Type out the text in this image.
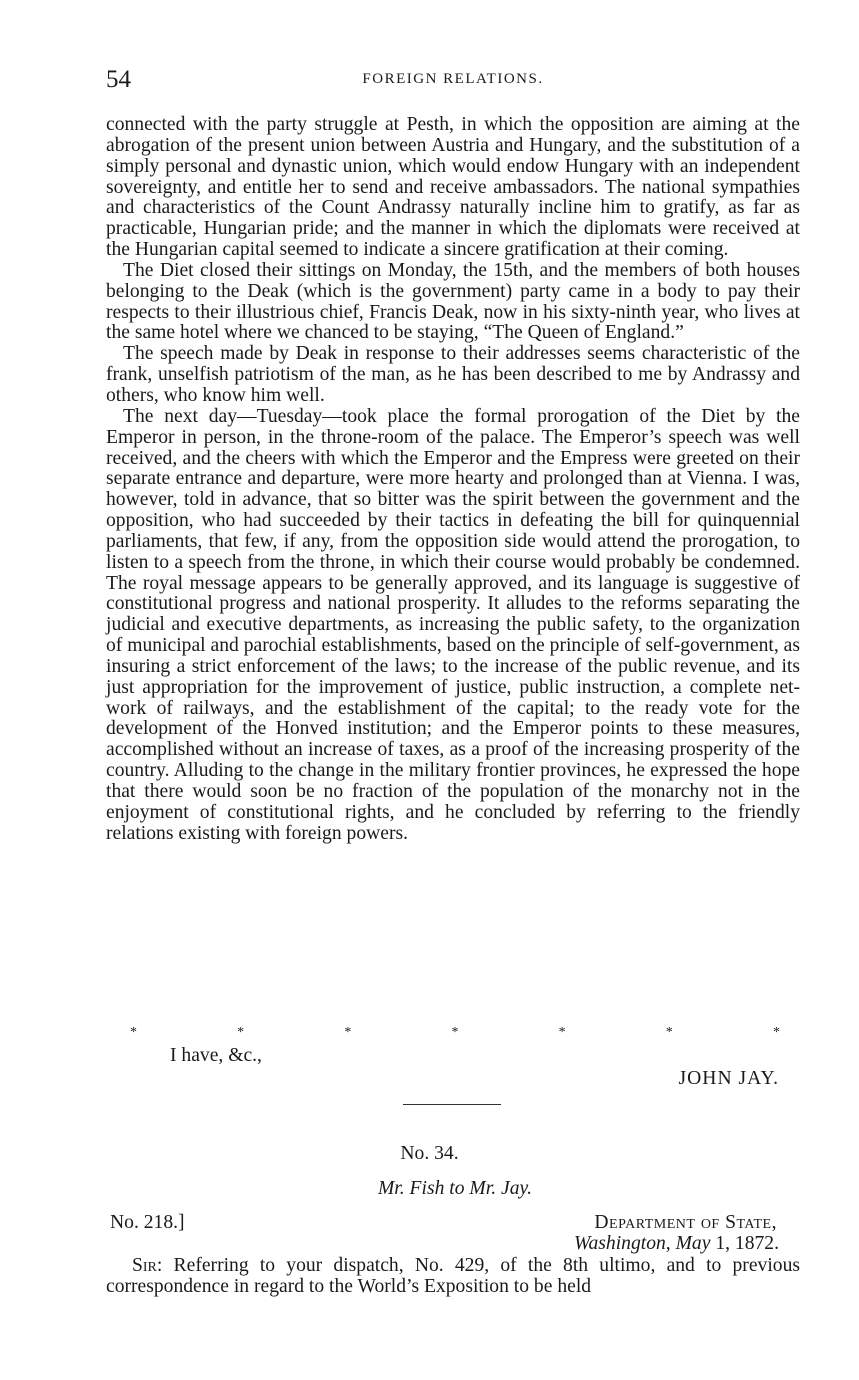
54	FOREIGN RELATIONS.

connected with the party struggle at Pesth, in which the opposition are aiming at the abrogation of the present union between Austria and Hungary, and the substitution of a simply personal and dynastic union, which would endow Hungary with an independent sovereignty, and entitle her to send and receive ambassadors. The national sympathies and characteristics of the Count Andrassy naturally incline him to gratify, as far as practicable, Hungarian pride; and the manner in which the diplomats were received at the Hungarian capital seemed to indicate a sincere gratification at their coming.

The Diet closed their sittings on Monday, the 15th, and the members of both houses belonging to the Deak (which is the government) party came in a body to pay their respects to their illustrious chief, Francis Deak, now in his sixty-ninth year, who lives at the same hotel where we chanced to be staying, “The Queen of England.”

The speech made by Deak in response to their addresses seems characteristic of the frank, unselfish patriotism of the man, as he has been described to me by Andrassy and others, who know him well.

The next day—Tuesday—took place the formal prorogation of the Diet by the Emperor in person, in the throne-room of the palace. The Emperor’s speech was well received, and the cheers with which the Emperor and the Empress were greeted on their separate entrance and departure, were more hearty and prolonged than at Vienna. I was, however, told in advance, that so bitter was the spirit between the government and the opposition, who had succeeded by their tactics in defeating the bill for quinquennial parliaments, that few, if any, from the opposition side would attend the prorogation, to listen to a speech from the throne, in which their course would probably be condemned. The royal message appears to be generally approved, and its language is suggestive of constitutional progress and national prosperity. It alludes to the reforms separating the judicial and executive departments, as increasing the public safety, to the organization of municipal and parochial establishments, based on the principle of self-government, as insuring a strict enforcement of the laws; to the increase of the public revenue, and its just appropriation for the improvement of justice, public instruction, a complete net-work of railways, and the establishment of the capital; to the ready vote for the development of the Honved institution; and the Emperor points to these measures, accomplished without an increase of taxes, as a proof of the increasing prosperity of the country. Alluding to the change in the military frontier provinces, he expressed the hope that there would soon be no fraction of the population of the monarchy not in the enjoyment of constitutional rights, and he concluded by referring to the friendly relations existing with foreign powers.

*	*	*	*	*	*	*
I have, &c.,
JOHN JAY.
No. 34.
Mr. Fish to Mr. Jay.
No. 218.]	Department of State,
Washington, May 1, 1872.

Sir: Referring to your dispatch, No. 429, of the 8th ultimo, and to previous correspondence in regard to the World’s Exposition to be held
